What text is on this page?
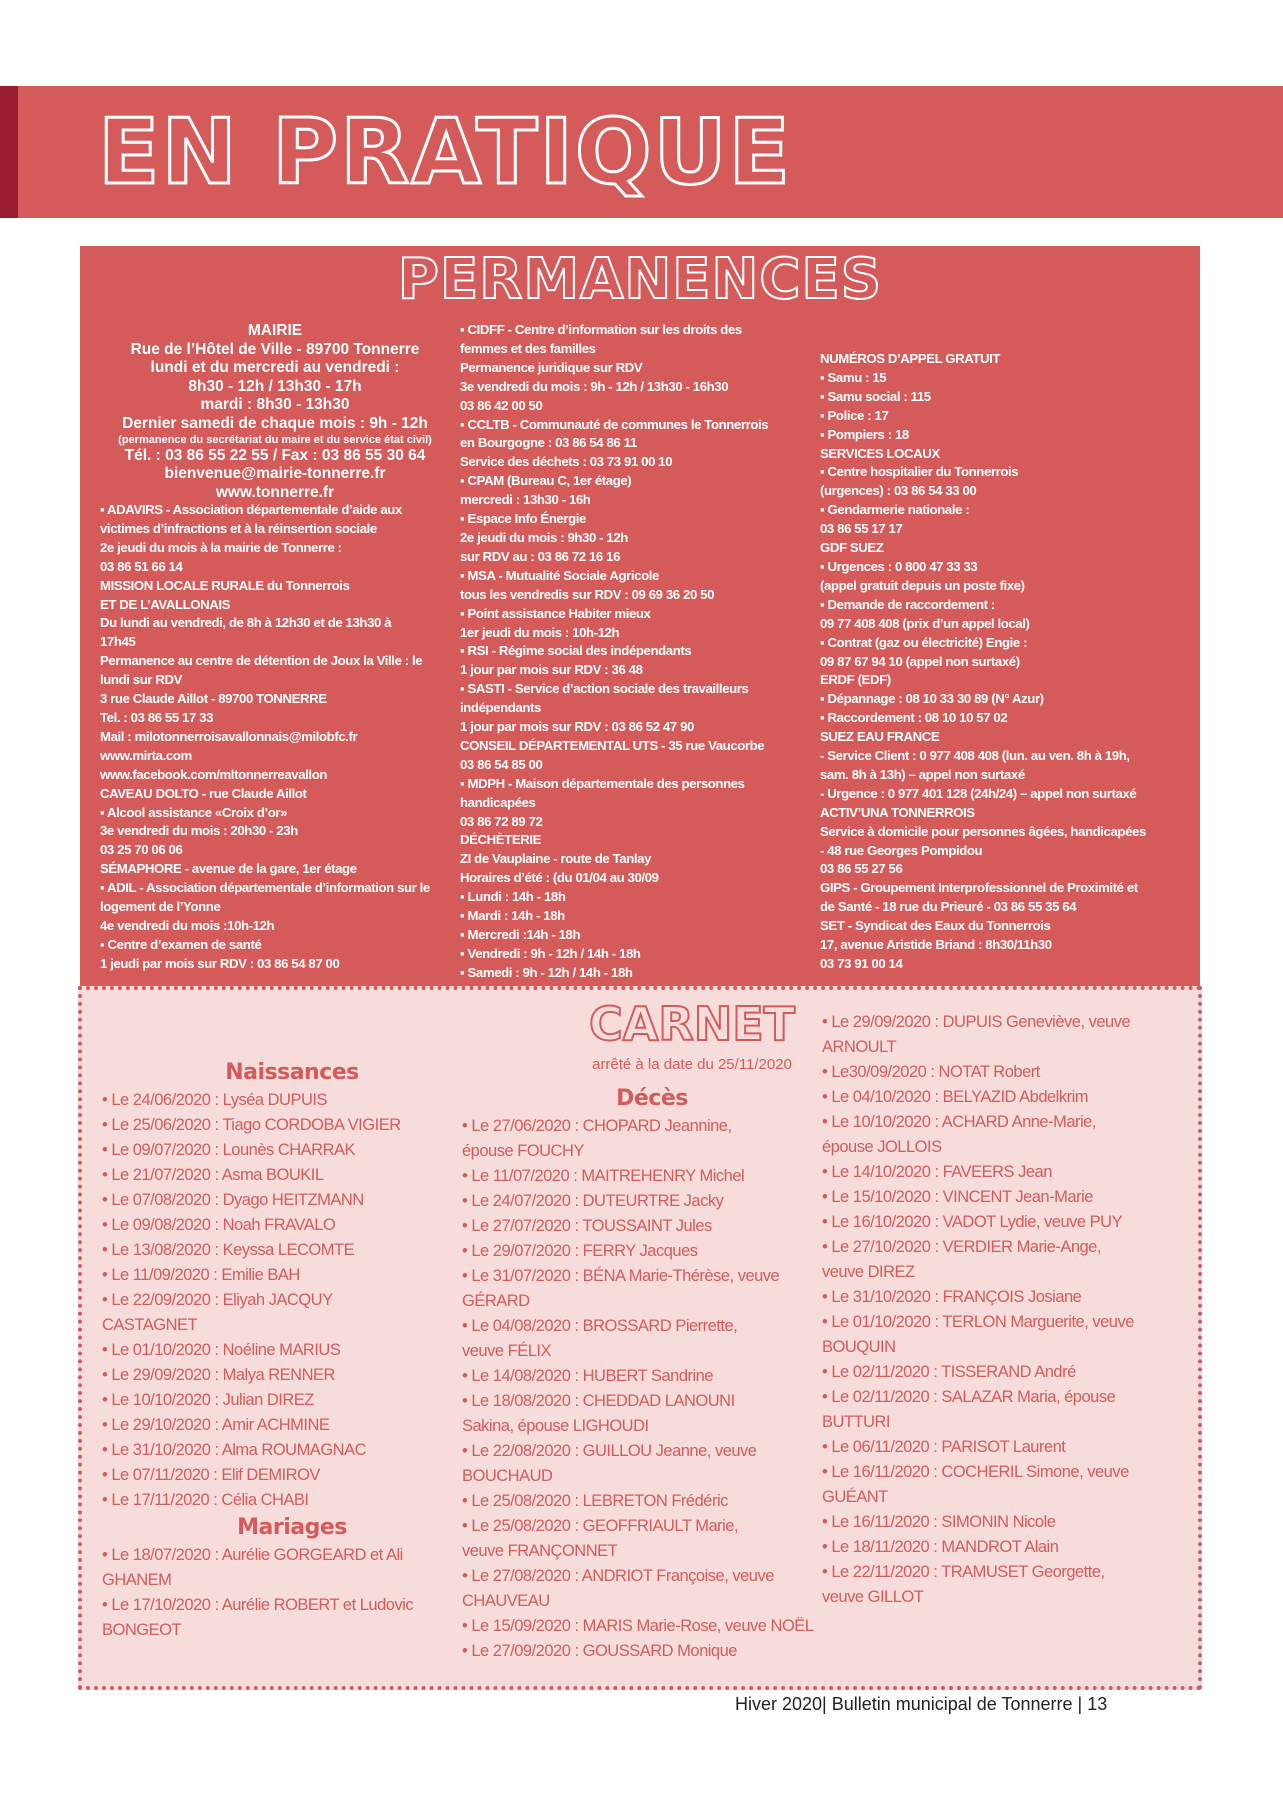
EN PRATIQUE
PERMANENCES
MAIRIE
Rue de l’Hôtel de Ville - 89700 Tonnerre
lundi et du mercredi au vendredi :
8h30 - 12h / 13h30 - 17h
mardi : 8h30 - 13h30
Dernier samedi de chaque mois : 9h - 12h
(permanence du secrétariat du maire et du service état civil)
Tél. : 03 86 55 22 55 / Fax : 03 86 55 30 64
bienvenue@mairie-tonnerre.fr
www.tonnerre.fr
▪ ADAVIRS - Association départementale d’aide aux
victimes d’infractions et à la réinsertion sociale
2e jeudi du mois à la mairie de Tonnerre :
03 86 51 66 14
MISSION LOCALE RURALE du Tonnerrois
ET DE L’AVALLONAIS
Du lundi au vendredi, de 8h à 12h30 et de 13h30 à
17h45
Permanence au centre de détention de Joux la Ville : le
lundi sur RDV
3 rue Claude Aillot - 89700 TONNERRE
Tel. : 03 86 55 17 33
Mail : milotonnerroisavallonnais@milobfc.fr
www.mirta.com
www.facebook.com/mltonnerreavallon
CAVEAU DOLTO - rue Claude Aillot
▪ Alcool assistance «Croix d’or»
3e vendredi du mois : 20h30 - 23h
03 25 70 06 06
SÉMAPHORE - avenue de la gare, 1er étage
▪ ADIL - Association départementale d’information sur le
logement de l’Yonne
4e vendredi du mois :10h-12h
▪ Centre d’examen de santé
1 jeudi par mois sur RDV : 03 86 54 87 00
▪ CIDFF - Centre d’information sur les droits des
femmes et des familles
Permanence juridique sur RDV
3e vendredi du mois : 9h - 12h / 13h30 - 16h30
03 86 42 00 50
▪ CCLTB - Communauté de communes le Tonnerrois
en Bourgogne : 03 86 54 86 11
Service des déchets : 03 73 91 00 10
▪ CPAM (Bureau C, 1er étage)
mercredi : 13h30 - 16h
▪ Espace Info Énergie
2e jeudi du mois : 9h30 - 12h
sur RDV au : 03 86 72 16 16
▪ MSA - Mutualité Sociale Agricole
tous les vendredis sur RDV : 09 69 36 20 50
▪ Point assistance Habiter mieux
1er jeudi du mois : 10h-12h
▪ RSI - Régime social des indépendants
1 jour par mois sur RDV : 36 48
▪ SASTI - Service d’action sociale des travailleurs
indépendants
1 jour par mois sur RDV : 03 86 52 47 90
CONSEIL DÉPARTEMENTAL UTS - 35 rue Vaucorbe
03 86 54 85 00
▪ MDPH - Maison départementale des personnes
handicapées
03 86 72 89 72
DÉCHÈTERIE
ZI de Vauplaine - route de Tanlay
Horaires d’été : (du 01/04 au 30/09
▪ Lundi : 14h - 18h
▪ Mardi : 14h - 18h
▪ Mercredi :14h - 18h
▪ Vendredi : 9h - 12h / 14h - 18h
▪ Samedi : 9h - 12h / 14h - 18h
NUMÉROS D’APPEL GRATUIT
▪ Samu : 15
▪ Samu social : 115
▪ Police : 17
▪ Pompiers : 18
SERVICES LOCAUX
▪ Centre hospitalier du Tonnerrois
(urgences) : 03 86 54 33 00
▪ Gendarmerie nationale :
03 86 55 17 17
GDF SUEZ
▪ Urgences : 0 800 47 33 33
(appel gratuit depuis un poste fixe)
▪ Demande de raccordement :
09 77 408 408 (prix d’un appel local)
▪ Contrat (gaz ou électricité) Engie :
09 87 67 94 10 (appel non surtaxé)
ERDF (EDF)
▪ Dépannage : 08 10 33 30 89 (N° Azur)
▪ Raccordement : 08 10 10 57 02
SUEZ EAU FRANCE
- Service Client : 0 977 408 408 (lun. au ven. 8h à 19h,
sam. 8h à 13h) – appel non surtaxé
- Urgence : 0 977 401 128 (24h/24) – appel non surtaxé
ACTIV’UNA TONNERROIS
Service à domicile pour personnes âgées, handicapées
- 48 rue Georges Pompidou
03 86 55 27 56
GIPS - Groupement Interprofessionnel de Proximité et
de Santé - 18 rue du Prieuré - 03 86 55 35 64
SET - Syndicat des Eaux du Tonnerrois
17, avenue Aristide Briand : 8h30/11h30
03 73 91 00 14
CARNET
arrêté à la date du 25/11/2020
Naissances
• Le 24/06/2020 : Lyséa DUPUIS
• Le 25/06/2020 : Tiago CORDOBA VIGIER
• Le 09/07/2020 : Lounès CHARRAK
• Le 21/07/2020 : Asma BOUKIL
• Le 07/08/2020 : Dyago HEITZMANN
• Le 09/08/2020 : Noah FRAVALO
• Le 13/08/2020 : Keyssa LECOMTE
• Le 11/09/2020 : Emilie BAH
• Le 22/09/2020 : Eliyah JACQUY
CASTAGNET
• Le 01/10/2020 : Noéline MARIUS
• Le 29/09/2020 : Malya RENNER
• Le 10/10/2020 : Julian DIREZ
• Le 29/10/2020 : Amir ACHMINE
• Le 31/10/2020 : Alma ROUMAGNAC
• Le 07/11/2020 : Elif DEMIROV
• Le 17/11/2020 : Célia CHABI
Mariages
• Le 18/07/2020 : Aurélie GORGEARD et Ali
GHANEM
• Le 17/10/2020 : Aurélie ROBERT et Ludovic
BONGEOT
Décès
• Le 27/06/2020 : CHOPARD Jeannine,
épouse FOUCHY
• Le 11/07/2020 : MAITREHENRY Michel
• Le 24/07/2020 : DUTEURTRE Jacky
• Le 27/07/2020 : TOUSSAINT Jules
• Le 29/07/2020 : FERRY Jacques
• Le 31/07/2020 : BÉNA Marie-Thérèse, veuve
GÉRARD
• Le 04/08/2020 : BROSSARD Pierrette,
veuve FÉLIX
• Le 14/08/2020 : HUBERT Sandrine
• Le 18/08/2020 : CHEDDAD LANOUNI
Sakina, épouse LIGHOUDI
• Le 22/08/2020 : GUILLOU Jeanne, veuve
BOUCHAUD
• Le 25/08/2020 : LEBRETON Frédéric
• Le 25/08/2020 : GEOFFRIAULT Marie,
veuve FRANÇONNET
• Le 27/08/2020 : ANDRIOT Françoise, veuve
CHAUVEAU
• Le 15/09/2020 : MARIS Marie-Rose, veuve NOËL
• Le 27/09/2020 : GOUSSARD Monique
• Le 29/09/2020 : DUPUIS Geneviève, veuve
ARNOULT
• Le30/09/2020 : NOTAT Robert
• Le 04/10/2020 : BELYAZID Abdelkrim
• Le 10/10/2020 : ACHARD Anne-Marie,
épouse JOLLOIS
• Le 14/10/2020 : FAVEERS Jean
• Le 15/10/2020 : VINCENT Jean-Marie
• Le 16/10/2020 : VADOT Lydie, veuve PUY
• Le 27/10/2020 : VERDIER Marie-Ange,
veuve DIREZ
• Le 31/10/2020 : FRANÇOIS Josiane
• Le 01/10/2020 : TERLON Marguerite, veuve
BOUQUIN
• Le 02/11/2020 : TISSERAND André
• Le 02/11/2020 : SALAZAR Maria, épouse
BUTTURI
• Le 06/11/2020 : PARISOT Laurent
• Le 16/11/2020 : COCHERIL Simone, veuve
GUÉANT
• Le 16/11/2020 : SIMONIN Nicole
• Le 18/11/2020 : MANDROT Alain
• Le 22/11/2020 : TRAMUSET Georgette,
veuve GILLOT
Hiver 2020| Bulletin municipal de Tonnerre | 13
